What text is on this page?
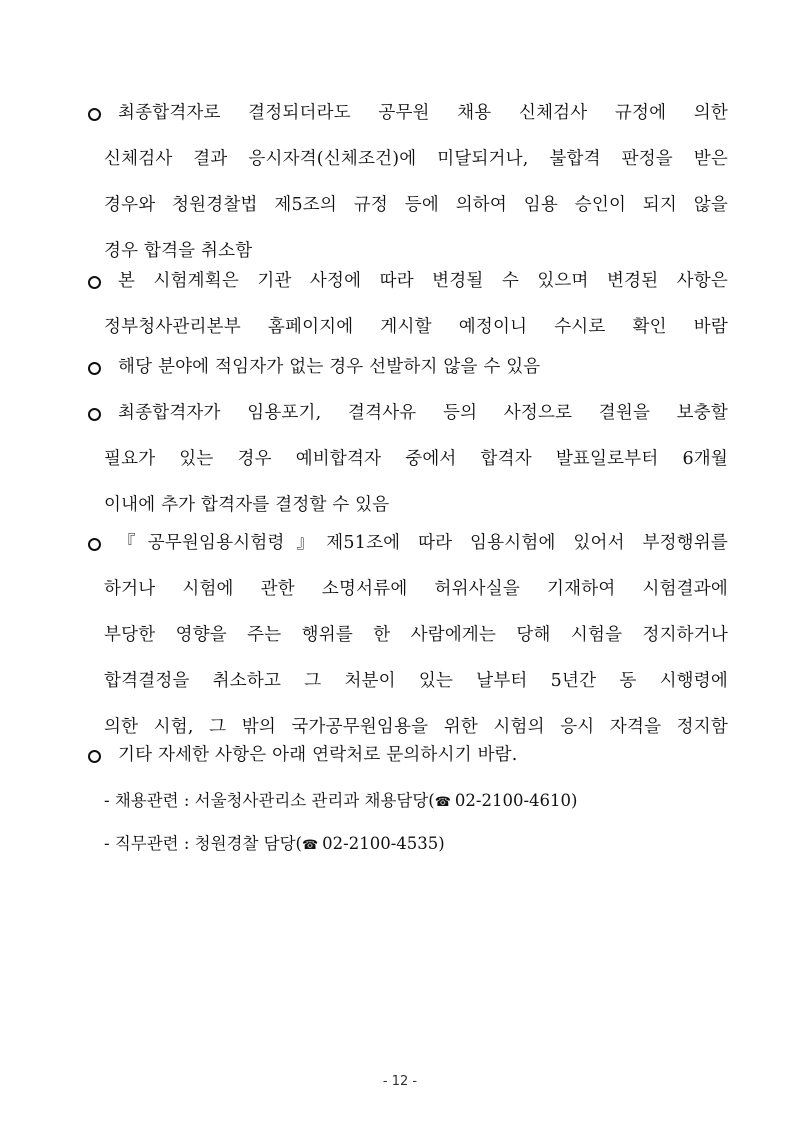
최종합격자로 결정되더라도 공무원 채용 신체검사 규정에 의한
신체검사 결과 응시자격(신체조건)에 미달되거나, 불합격 판정을 받은
경우와 청원경찰법 제5조의 규정 등에 의하여 임용 승인이 되지 않을
경우 합격을 취소함
본 시험계획은 기관 사정에 따라 변경될 수 있으며 변경된 사항은
정부청사관리본부 홈페이지에 게시할 예정이니 수시로 확인 바람
해당 분야에 적임자가 없는 경우 선발하지 않을 수 있음
최종합격자가 임용포기, 결격사유 등의 사정으로 결원을 보충할
필요가 있는 경우 예비합격자 중에서 합격자 발표일로부터 6개월
이내에 추가 합격자를 결정할 수 있음
『공무원임용시험령』제51조에 따라 임용시험에 있어서 부정행위를
하거나 시험에 관한 소명서류에 허위사실을 기재하여 시험결과에
부당한 영향을 주는 행위를 한 사람에게는 당해 시험을 정지하거나
합격결정을 취소하고 그 처분이 있는 날부터 5년간 동 시행령에
의한 시험, 그 밖의 국가공무원임용을 위한 시험의 응시 자격을 정지함
기타 자세한 사항은 아래 연락처로 문의하시기 바람.
- 채용관련 : 서울청사관리소 관리과 채용담당(☎ 02-2100-4610)
- 직무관련 : 청원경찰 담당(☎ 02-2100-4535)
- 12 -
